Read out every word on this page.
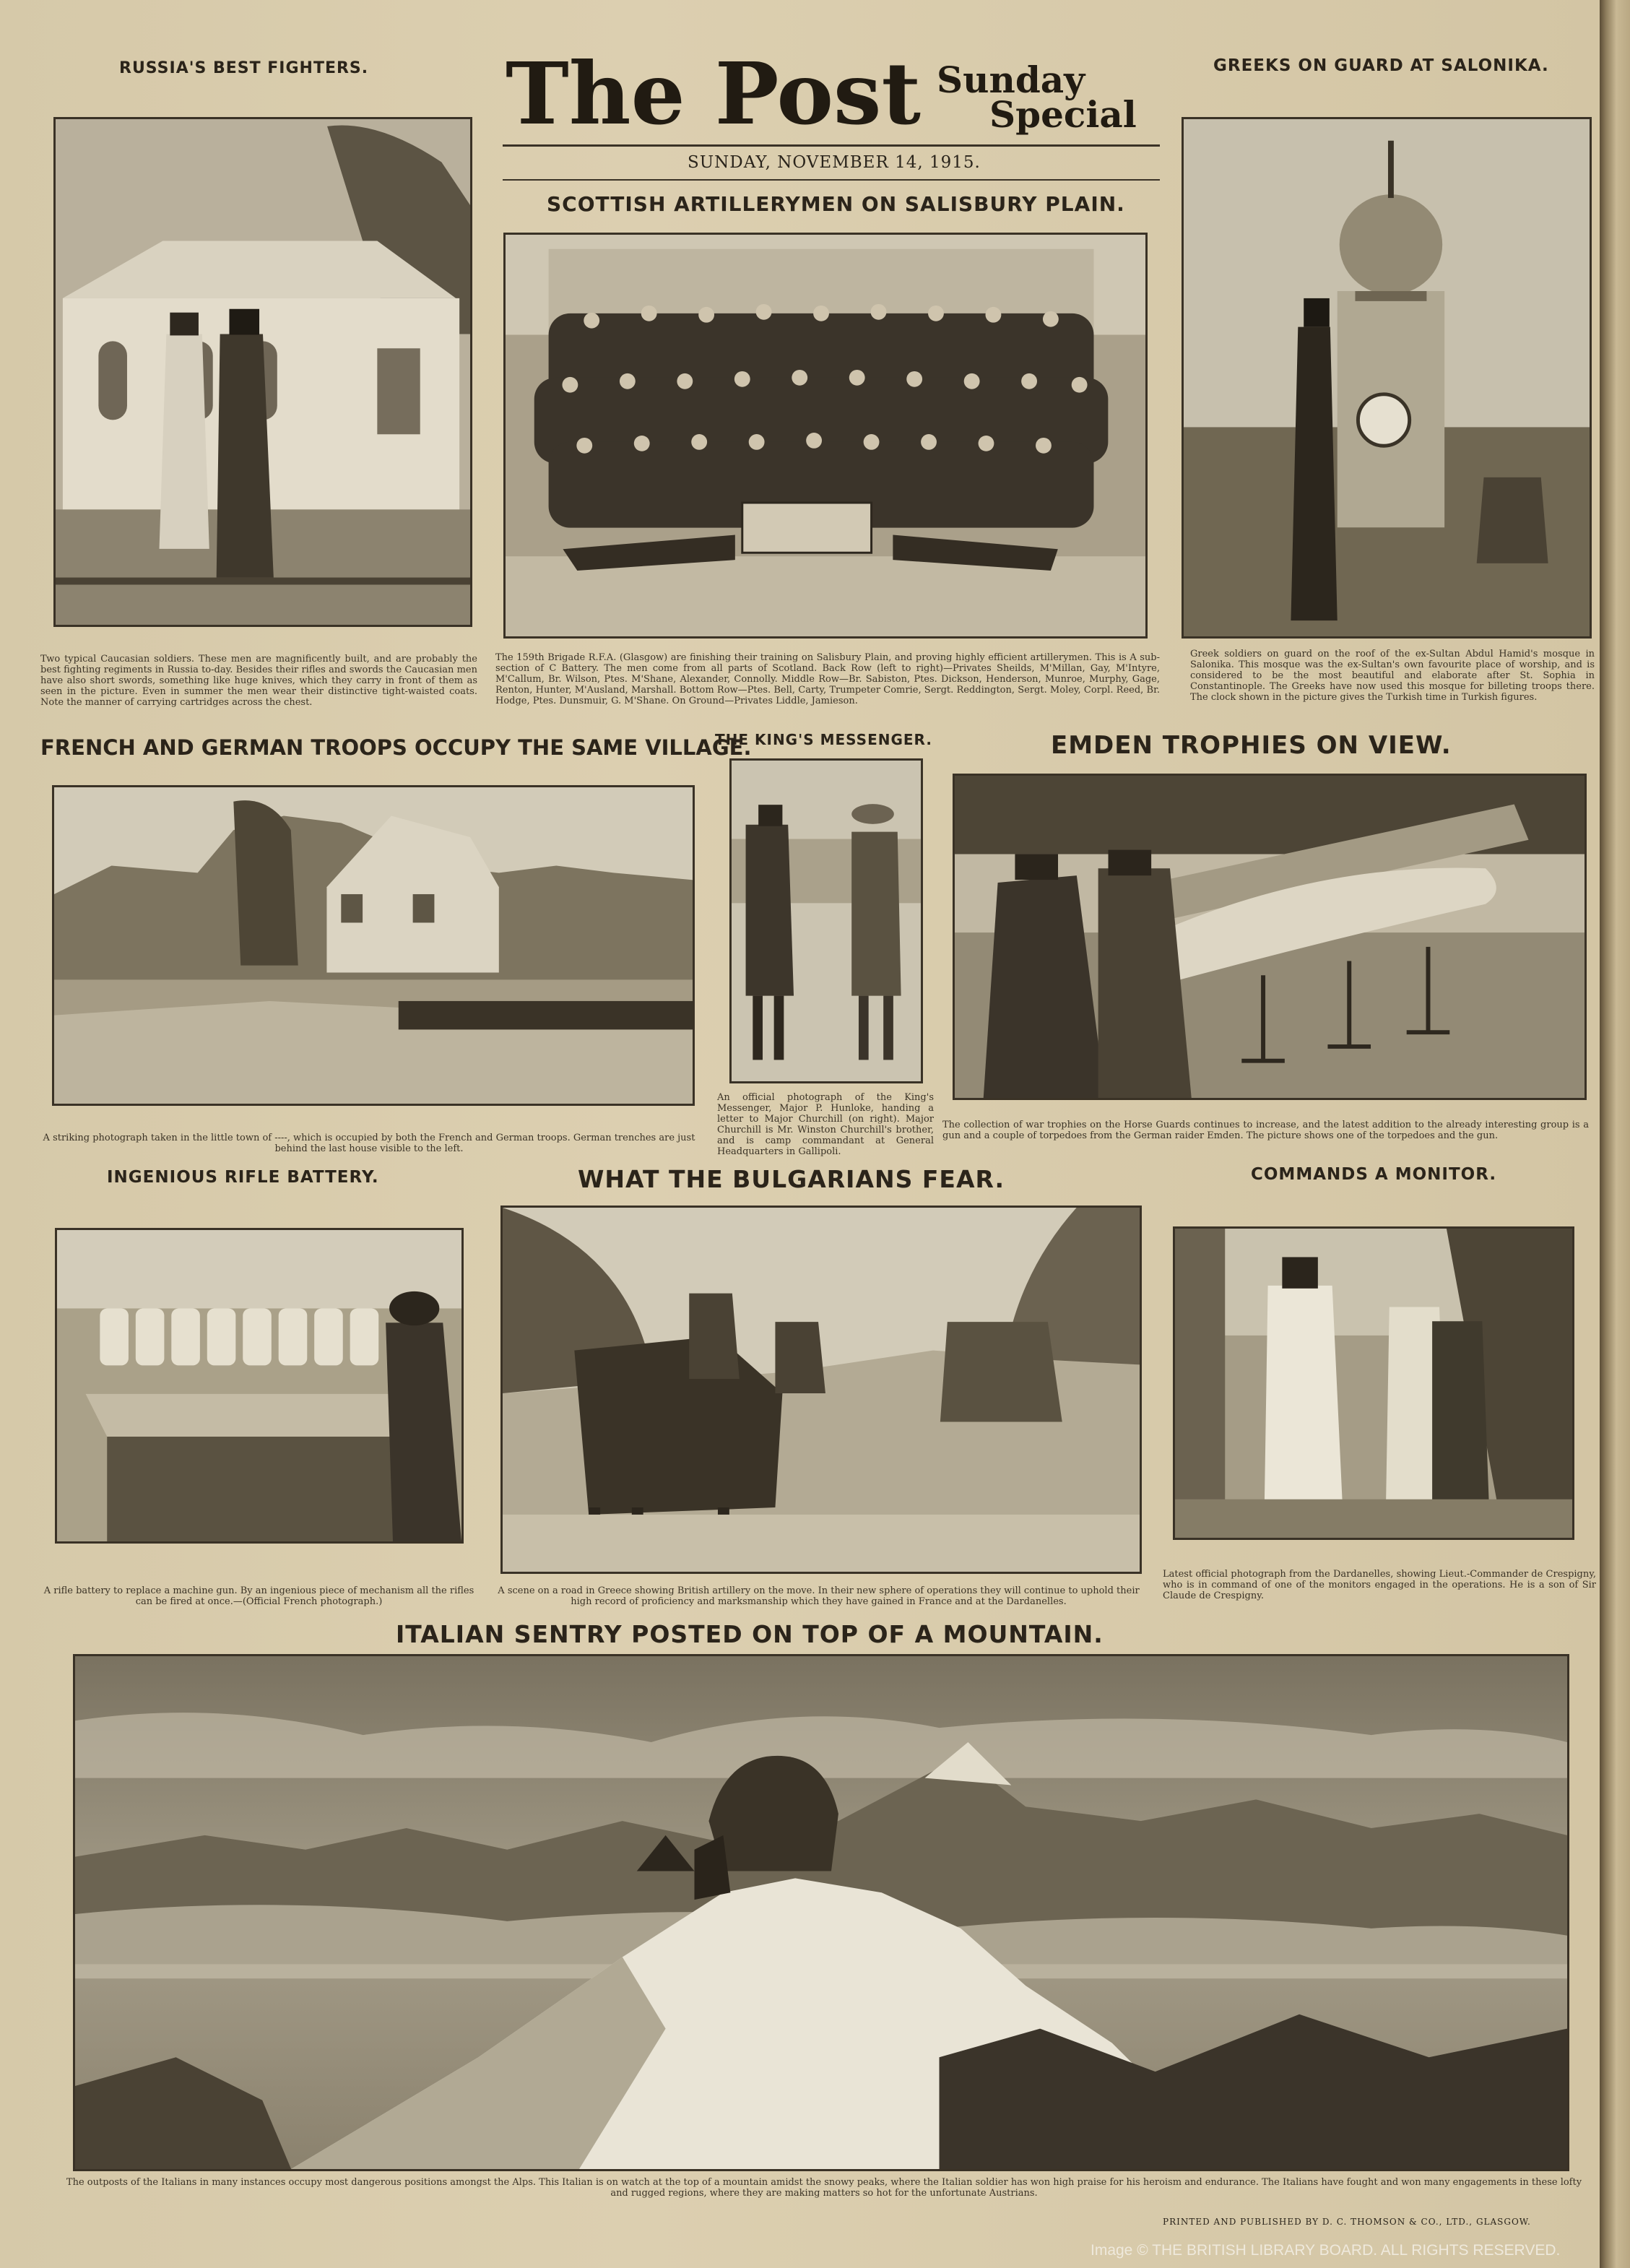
RUSSIA'S BEST FIGHTERS. The Post Sunday
Special
SUNDAY, NOVEMBER 14, 1915.
GREEKS ON GUARD AT SALONIKA.
SCOTTISH ARTILLERYMEN ON SALISBURY PLAIN.
Two typical Caucasian soldiers. These men are magnificently built, and are probably the best fighting regiments in Russia to-day. Besides their rifles and swords the Caucasian men have also short swords, something like huge knives, which they carry in front of them as seen in the picture. Even in summer the men wear their distinctive tight-waisted coats. Note the manner of carrying cartridges across the chest.
The 159th Brigade R.F.A. (Glasgow) are finishing their training on Salisbury Plain, and proving highly efficient artillerymen. This is A sub-section of C Battery. The men come from all parts of Scotland. Back Row (left to right)—Privates Sheilds, M'Millan, Gay, M'Intyre, M'Callum, Br. Wilson, Ptes. M'Shane, Alexander, Connolly. Middle Row—Br. Sabiston, Ptes. Dickson, Henderson, Munroe, Murphy, Gage, Renton, Hunter, M'Ausland, Marshall. Bottom Row—Ptes. Bell, Carty, Trumpeter Comrie, Sergt. Reddington, Sergt. Moley, Corpl. Reed, Br. Hodge, Ptes. Dunsmuir, G. M'Shane. On Ground—Privates Liddle, Jamieson.
Greek soldiers on guard on the roof of the ex-Sultan Abdul Hamid's mosque in Salonika. This mosque was the ex-Sultan's own favourite place of worship, and is considered to be the most beautiful and elaborate after St. Sophia in Constantinople. The Greeks have now used this mosque for billeting troops there. The clock shown in the picture gives the Turkish time in Turkish figures.
FRENCH AND GERMAN TROOPS OCCUPY THE SAME VILLAGE.
THE KING'S MESSENGER.	EMDEN TROPHIES ON VIEW.
A striking photograph taken in the little town of ----, which is occupied by both the French and German troops. German trenches are just behind the last house visible to the left.
An official photograph of the King's Messenger, Major P. Hunloke, handing a letter to Major Churchill (on right). Major Churchill is Mr. Winston Churchill's brother, and is camp commandant at General Headquarters in Gallipoli.
The collection of war trophies on the Horse Guards continues to increase, and the latest addition to the already interesting group is a gun and a couple of torpedoes from the German raider Emden. The picture shows one of the torpedoes and the gun.
INGENIOUS RIFLE BATTERY.	WHAT THE BULGARIANS FEAR.	COMMANDS A MONITOR.
A rifle battery to replace a machine gun. By an ingenious piece of mechanism all the rifles can be fired at once.—(Official French photograph.)
A scene on a road in Greece showing British artillery on the move. In their new sphere of operations they will continue to uphold their high record of proficiency and marksmanship which they have gained in France and at the Dardanelles.
Latest official photograph from the Dardanelles, showing Lieut.-Commander de Crespigny, who is in command of one of the monitors engaged in the operations. He is a son of Sir Claude de Crespigny.
ITALIAN SENTRY POSTED ON TOP OF A MOUNTAIN.
The outposts of the Italians in many instances occupy most dangerous positions amongst the Alps. This Italian is on watch at the top of a mountain amidst the snowy peaks, where the Italian soldier has won high praise for his heroism and endurance. The Italians have fought and won many engagements in these lofty and rugged regions, where they are making matters so hot for the unfortunate Austrians.
PRINTED AND PUBLISHED BY D. C. THOMSON & CO., LTD., GLASGOW.
Image © THE BRITISH LIBRARY BOARD. ALL RIGHTS RESERVED.
